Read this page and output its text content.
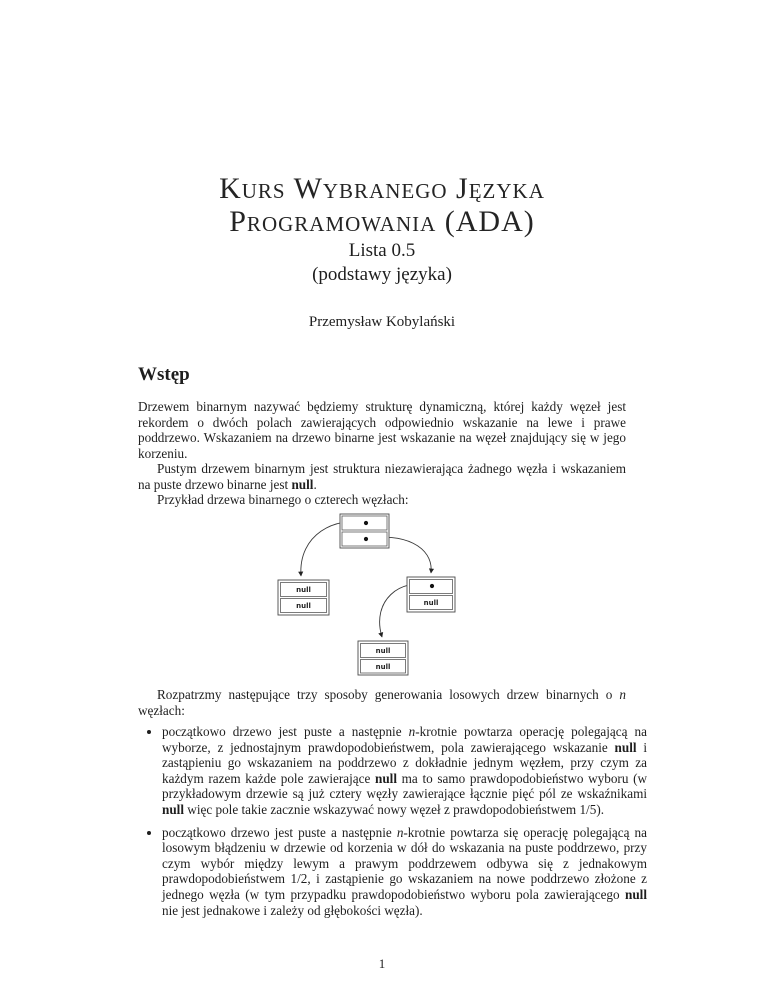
Kurs Wybranego Języka
Programowania (ADA)
Lista 0.5
(podstawy języka)
Przemysław Kobylański
Wstęp
Drzewem binarnym nazywać będziemy strukturę dynamiczną, której każdy węzeł jest rekordem o dwóch polach zawierających odpowiednio wskazanie na lewe i prawe poddrzewo. Wskazaniem na drzewo binarne jest wskazanie na węzeł znajdujący się w jego korzeniu.
Pustym drzewem binarnym jest struktura niezawierająca żadnego węzła i wskazaniem na puste drzewo binarne jest null.
Przykład drzewa binarnego o czterech węzłach:
null
null	null
null
null
Rozpatrzmy następujące trzy sposoby generowania losowych drzew binarnych o n węzłach:
• początkowo drzewo jest puste a następnie n-krotnie powtarza operację polegającą na wyborze, z jednostajnym prawdopodobieństwem, pola zawierającego wskazanie null i zastąpieniu go wskazaniem na poddrzewo z dokładnie jednym węzłem, przy czym za każdym razem każde pole zawierające null ma to samo prawdopodobieństwo wyboru (w przykładowym drzewie są już cztery węzły zawierające łącznie pięć pól ze wskaźnikami null więc pole takie zacznie wskazywać nowy węzeł z prawdopodobieństwem 1/5).
• początkowo drzewo jest puste a następnie n-krotnie powtarza się operację polegającą na losowym błądzeniu w drzewie od korzenia w dół do wskazania na puste poddrzewo, przy czym wybór między lewym a prawym poddrzewem odbywa się z jednakowym prawdopodobieństwem 1/2, i zastąpienie go wskazaniem na nowe poddrzewo złożone z jednego węzła (w tym przypadku prawdopodobieństwo wyboru pola zawierającego null nie jest jednakowe i zależy od głębokości węzła).
1
